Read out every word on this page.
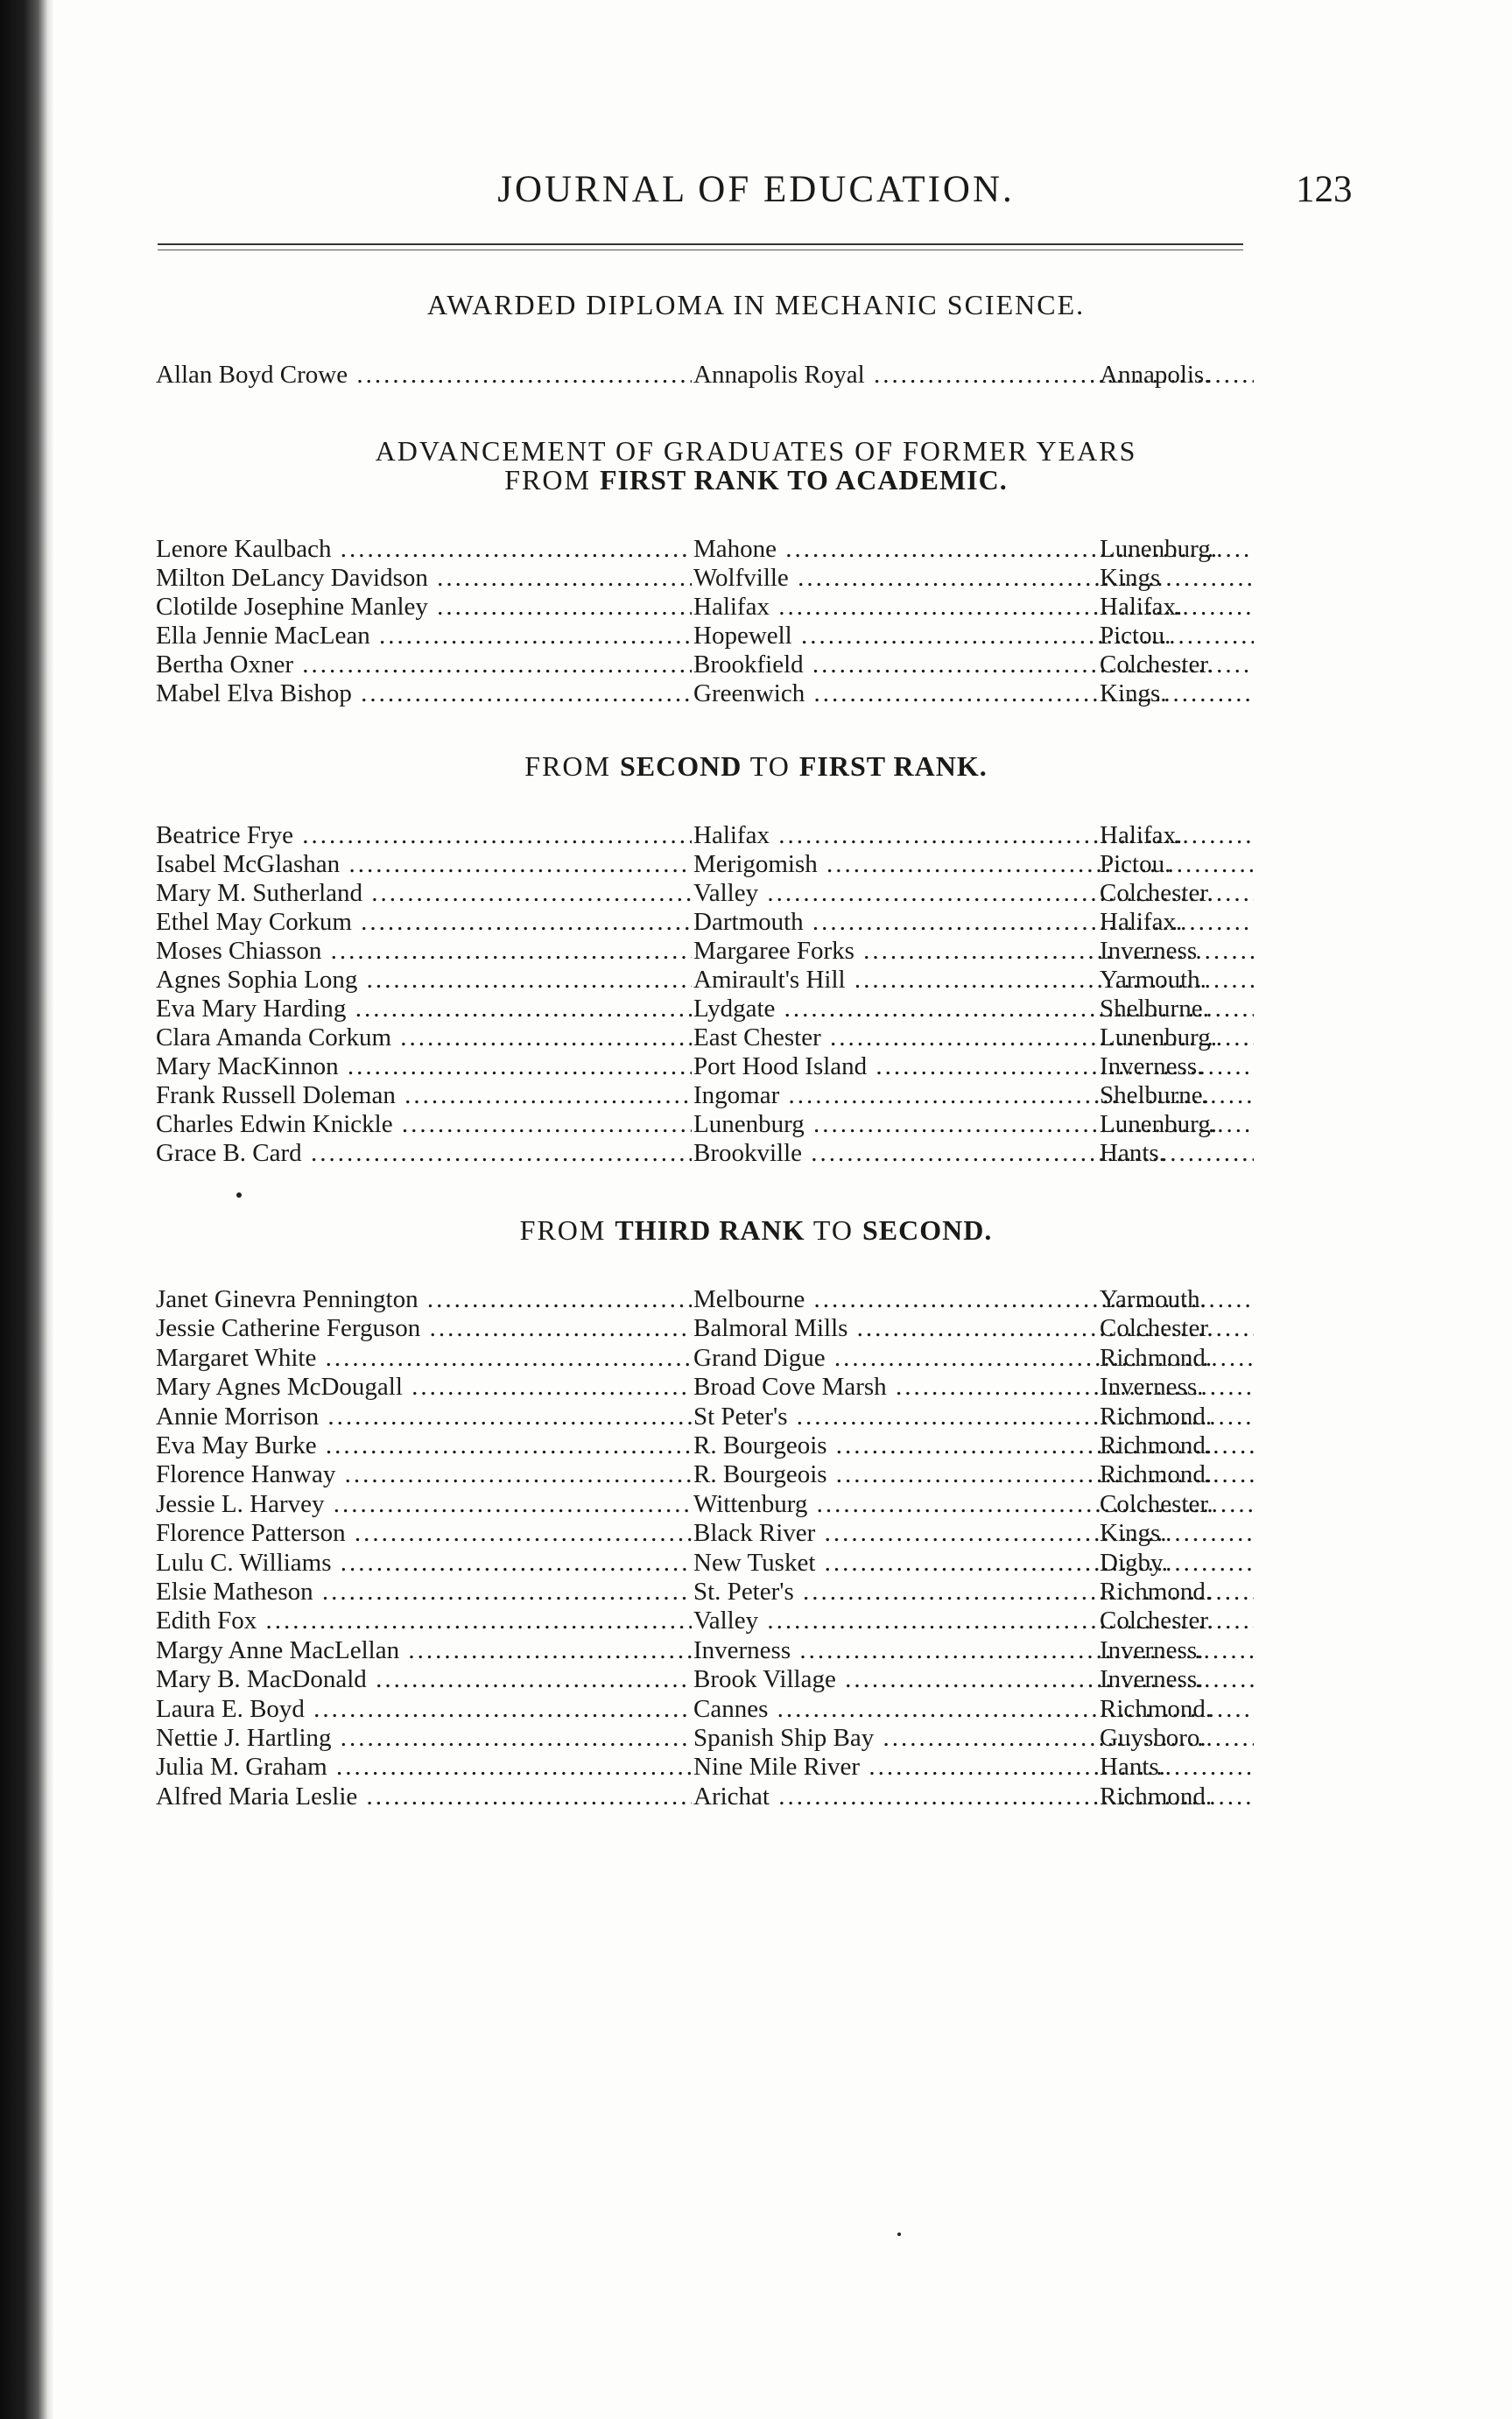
JOURNAL OF EDUCATION.	123
AWARDED DIPLOMA IN MECHANIC SCIENCE.
Allan Boyd Crowe .....	Annapolis Royal .....	Annapolis.
ADVANCEMENT OF GRADUATES OF FORMER YEARS
FROM FIRST RANK TO ACADEMIC.
Lenore Kaulbach .....	Mahone .....	Lunenburg.
Milton DeLancy Davidson .....	Wolfville .....	Kings
Clotilde Josephine Manley .....	Halifax .....	Halifax.
Ella Jennie MacLean .....	Hopewell .....	Pictou.
Bertha Oxner .....	Brookfield .....	Colchester.
Mabel Elva Bishop .....	Greenwich .....	Kings.
FROM SECOND TO FIRST RANK.
Beatrice Frye .....	Halifax .....	Halifax.
Isabel McGlashan .....	Merigomish .....	Pictou.
Mary M. Sutherland .....	Valley .....	Colchester.
Ethel May Corkum .....	Dartmouth .....	Halifax.
Moses Chiasson .....	Margaree Forks .....	Inverness
Agnes Sophia Long .....	Amirault's Hill .....	Yarmouth.
Eva Mary Harding .....	Lydgate .....	Shelburne.
Clara Amanda Corkum .....	East Chester .....	Lunenburg.
Mary MacKinnon .....	Port Hood Island .....	Inverness.
Frank Russell Doleman .....	Ingomar .....	Shelburne.
Charles Edwin Knickle .....	Lunenburg .....	Lunenburg.
Grace B. Card .....	Brookville .....	Hants.
FROM THIRD RANK TO SECOND.
Janet Ginevra Pennington .....	Melbourne .....	Yarmouth.
Jessie Catherine Ferguson .....	Balmoral Mills .....	Colchester.
Margaret White .....	Grand Digue .....	Richmond.
Mary Agnes McDougall .....	Broad Cove Marsh .....	Inverness.
Annie Morrison .....	St Peter's .....	Richmond.
Eva May Burke .....	R. Bourgeois .....	Richmond.
Florence Hanway .....	R. Bourgeois .....	Richmond.
Jessie L. Harvey .....	Wittenburg .....	Colchester.
Florence Patterson .....	Black River .....	Kings.
Lulu C. Williams .....	New Tusket .....	Digby.
Elsie Matheson .....	St. Peter's .....	Richmond.
Edith Fox .....	Valley .....	Colchester.
Margy Anne MacLellan .....	Inverness .....	Inverness.
Mary B. MacDonald .....	Brook Village .....	Inverness.
Laura E. Boyd .....	Cannes .....	Richmond.
Nettie J. Hartling .....	Spanish Ship Bay .....	Guysboro.
Julia M. Graham .....	Nine Mile River .....	Hants.
Alfred Maria Leslie .....	Arichat .....	Richmond.
